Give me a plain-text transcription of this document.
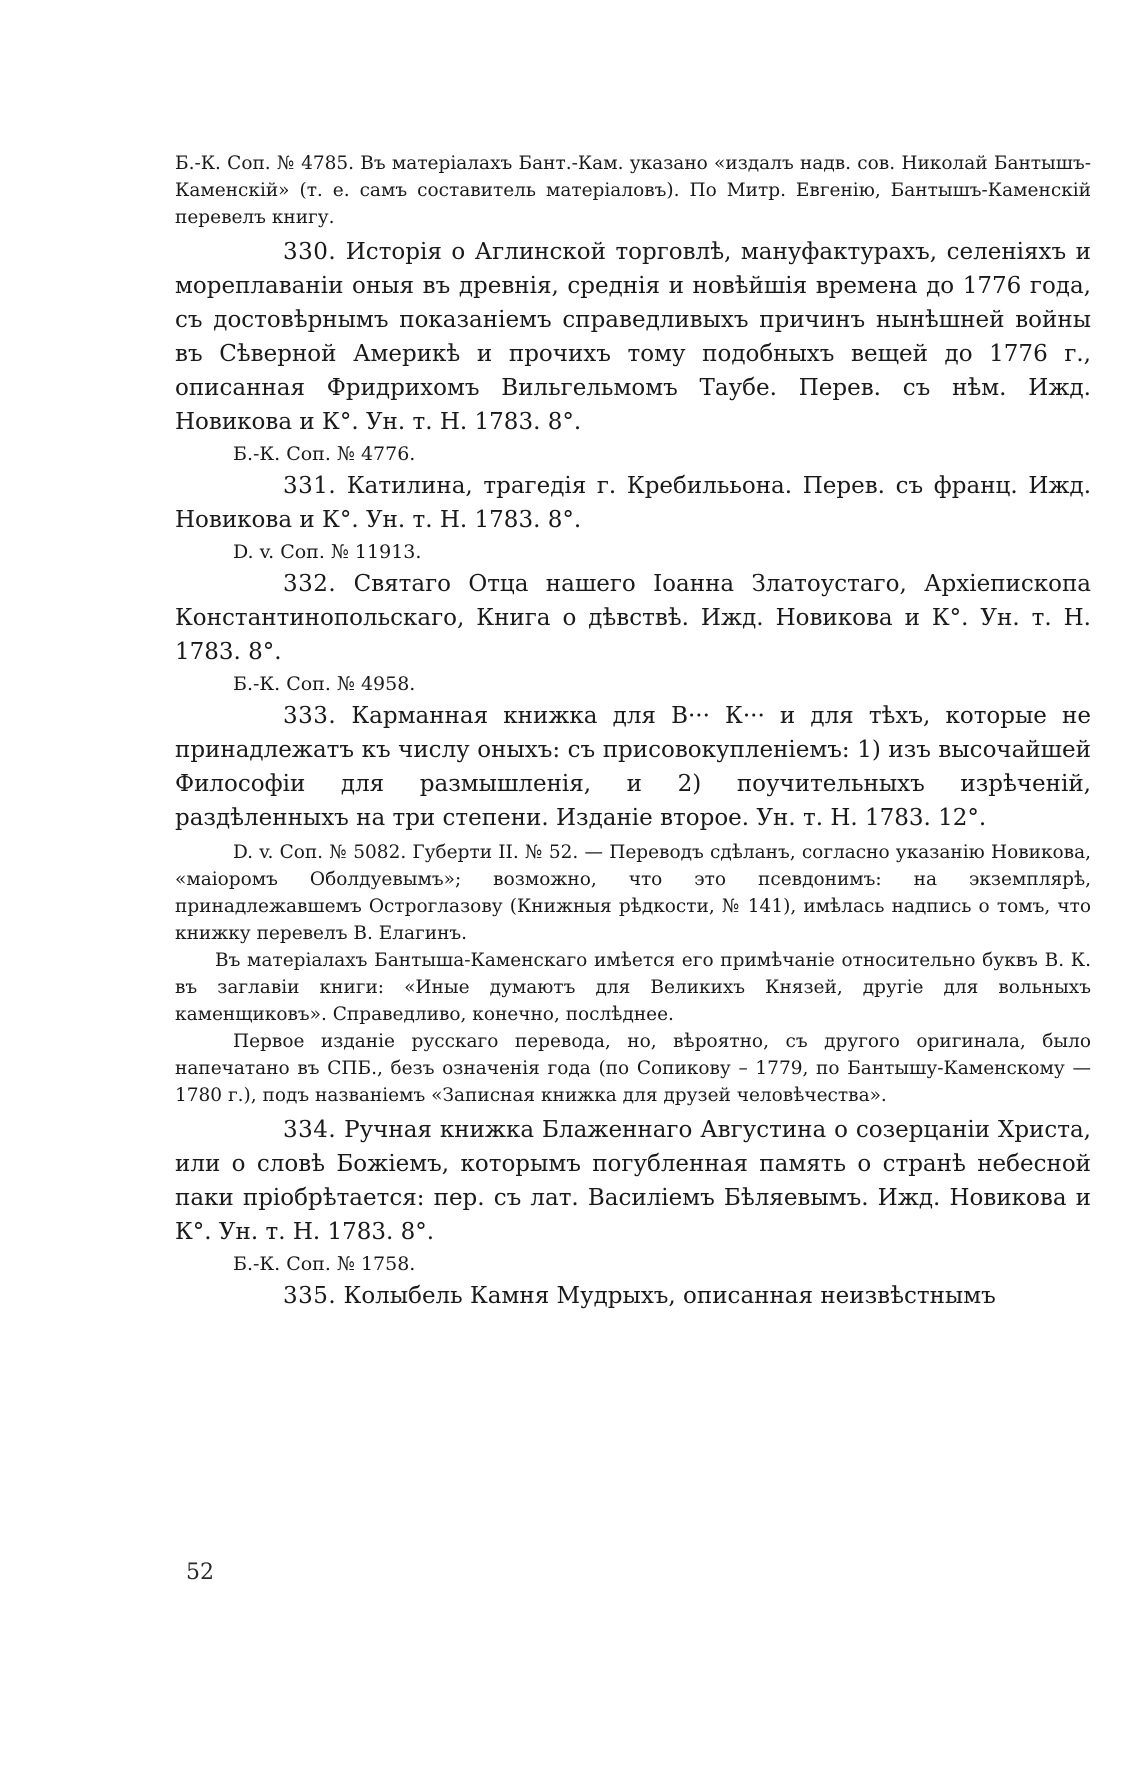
Б.-К. Соп. № 4785. Въ матеріалахъ Бант.-Кам. указано «издалъ надв. сов. Николай Бантышъ-Каменскій» (т. е. самъ составитель матеріаловъ). По Митр. Евгенію, Бантышъ-Каменскій перевелъ книгу.

330. Исторія о Аглинской торговлѣ, мануфактурахъ, селеніяхъ и мореплаваніи оныя въ древнія, среднія и новѣйшія времена до 1776 года, съ достовѣрнымъ показаніемъ справедливыхъ причинъ нынѣшней войны въ Сѣверной Америкѣ и прочихъ тому подобныхъ вещей до 1776 г., описанная Фридрихомъ Вильгельмомъ Таубе. Перев. съ нѣм. Ижд. Новикова и К°. Ун. т. Н. 1783. 8°.

Б.-К. Соп. № 4776.

331. Катилина, трагедія г. Кребилььона. Перев. съ франц. Ижд. Новикова и К°. Ун. т. Н. 1783. 8°.

D. v. Соп. № 11913.

332. Святаго Отца нашего Іоанна Златоустаго, Архіепископа Константинопольскаго, Книга о дѣвствѣ. Ижд. Новикова и К°. Ун. т. Н. 1783. 8°.

Б.-К. Соп. № 4958.

333. Карманная книжка для В··· К··· и для тѣхъ, которые не принадлежатъ къ числу оныхъ: съ присовокупленіемъ: 1) изъ высочайшей Философіи для размышленія, и 2) поучительныхъ изрѣченій, раздѣленныхъ на три степени. Изданіе второе. Ун. т. Н. 1783. 12°.

D. v. Соп. № 5082. Губерти II. № 52. — Переводъ сдѣланъ, согласно указанію Новикова, «маіоромъ Оболдуевымъ»; возможно, что это псевдонимъ: на экземплярѣ, принадлежавшемъ Остроглазову (Книжныя рѣдкости, № 141), имѣлась надпись о томъ, что книжку перевелъ В. Елагинъ.

Въ матеріалахъ Бантыша-Каменскаго имѣется его примѣчаніе относительно буквъ В. К. въ заглавіи книги: «Иные думаютъ для Великихъ Князей, другіе для вольныхъ каменщиковъ». Справедливо, конечно, послѣднее.

Первое изданіе русскаго перевода, но, вѣроятно, съ другого оригинала, было напечатано въ СПБ., безъ означенія года (по Сопикову – 1779, по Бантышу-Каменскому — 1780 г.), подъ названіемъ «Записная книжка для друзей человѣчества».

334. Ручная книжка Блаженнаго Августина о созерцаніи Христа, или о словѣ Божіемъ, которымъ погубленная память о странѣ небесной паки пріобрѣтается: пер. съ лат. Василіемъ Бѣляевымъ. Ижд. Новикова и К°. Ун. т. Н. 1783. 8°.

Б.-К. Соп. № 1758.

335. Колыбель Камня Мудрыхъ, описанная неизвѣстнымъ

52
